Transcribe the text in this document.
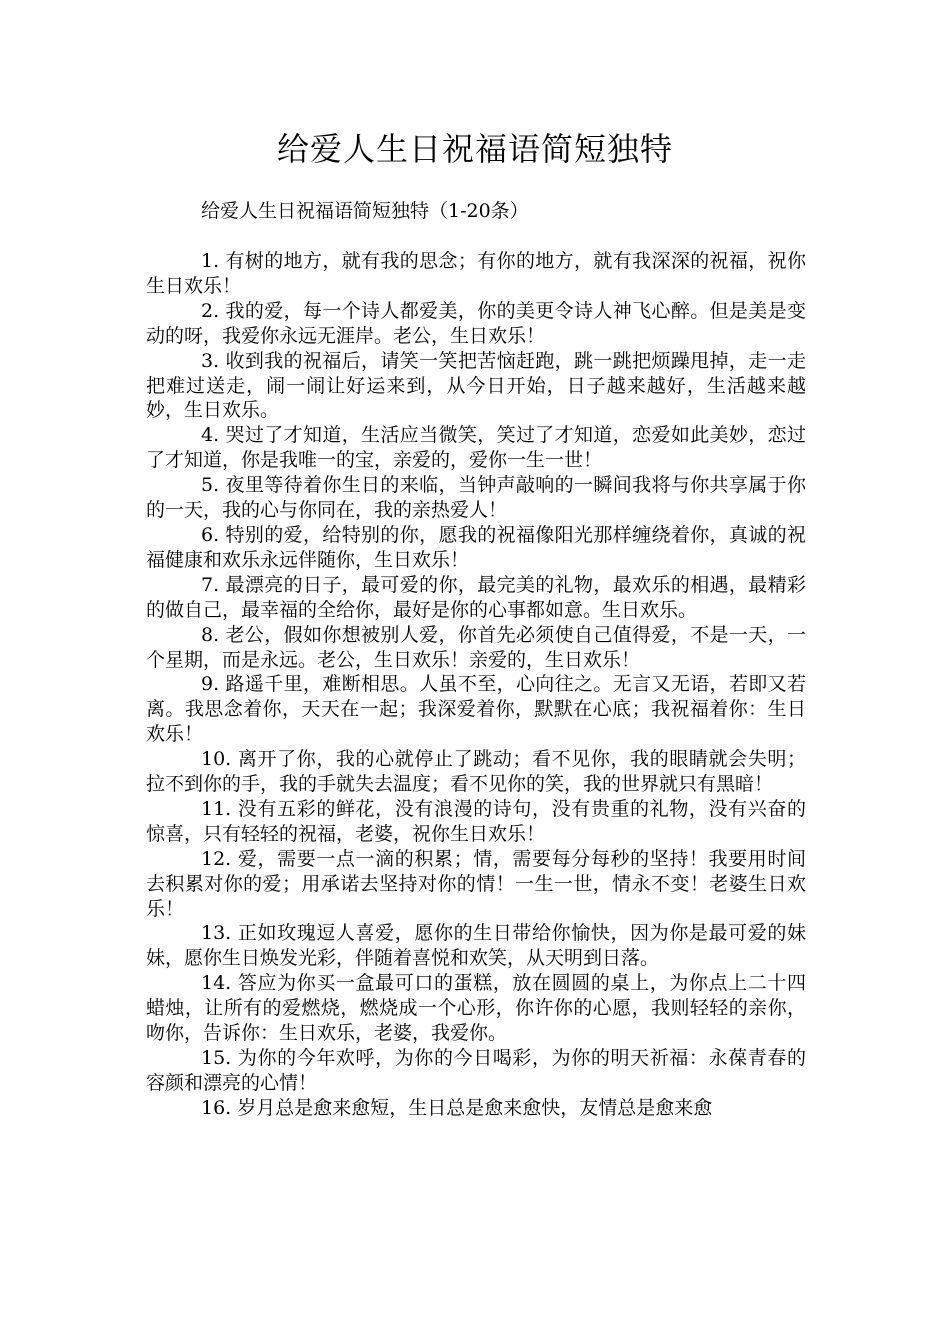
给爱人生日祝福语简短独特
给爱人生日祝福语简短独特（1-20条）

1. 有树的地方，就有我的思念；有你的地方，就有我深深的祝福，祝你生日欢乐！

2. 我的爱，每一个诗人都爱美，你的美更令诗人神飞心醉。但是美是变动的呀，我爱你永远无涯岸。老公，生日欢乐！

3. 收到我的祝福后，请笑一笑把苦恼赶跑，跳一跳把烦躁甩掉，走一走把难过送走，闹一闹让好运来到，从今日开始，日子越来越好，生活越来越妙，生日欢乐。

4. 哭过了才知道，生活应当微笑，笑过了才知道，恋爱如此美妙，恋过了才知道，你是我唯一的宝，亲爱的，爱你一生一世！

5. 夜里等待着你生日的来临，当钟声敲响的一瞬间我将与你共享属于你的一天，我的心与你同在，我的亲热爱人！

6. 特别的爱，给特别的你，愿我的祝福像阳光那样缠绕着你，真诚的祝福健康和欢乐永远伴随你，生日欢乐！

7. 最漂亮的日子，最可爱的你，最完美的礼物，最欢乐的相遇，最精彩的做自己，最幸福的全给你，最好是你的心事都如意。生日欢乐。

8. 老公，假如你想被别人爱，你首先必须使自己值得爱，不是一天，一个星期，而是永远。老公，生日欢乐！亲爱的，生日欢乐！

9. 路遥千里，难断相思。人虽不至，心向往之。无言又无语，若即又若离。我思念着你，天天在一起；我深爱着你，默默在心底；我祝福着你：生日欢乐！

10. 离开了你，我的心就停止了跳动；看不见你，我的眼睛就会失明；拉不到你的手，我的手就失去温度；看不见你的笑，我的世界就只有黑暗！

11. 没有五彩的鲜花，没有浪漫的诗句，没有贵重的礼物，没有兴奋的惊喜，只有轻轻的祝福，老婆，祝你生日欢乐！

12. 爱，需要一点一滴的积累；情，需要每分每秒的坚持！我要用时间去积累对你的爱；用承诺去坚持对你的情！一生一世，情永不变！老婆生日欢乐！

13. 正如玫瑰逗人喜爱，愿你的生日带给你愉快，因为你是最可爱的妹妹，愿你生日焕发光彩，伴随着喜悦和欢笑，从天明到日落。

14. 答应为你买一盒最可口的蛋糕，放在圆圆的桌上，为你点上二十四蜡烛，让所有的爱燃烧，燃烧成一个心形，你许你的心愿，我则轻轻的亲你，吻你，告诉你：生日欢乐，老婆，我爱你。

15. 为你的今年欢呼，为你的今日喝彩，为你的明天祈福：永葆青春的容颜和漂亮的心情！

16. 岁月总是愈来愈短，生日总是愈来愈快，友情总是愈来愈
